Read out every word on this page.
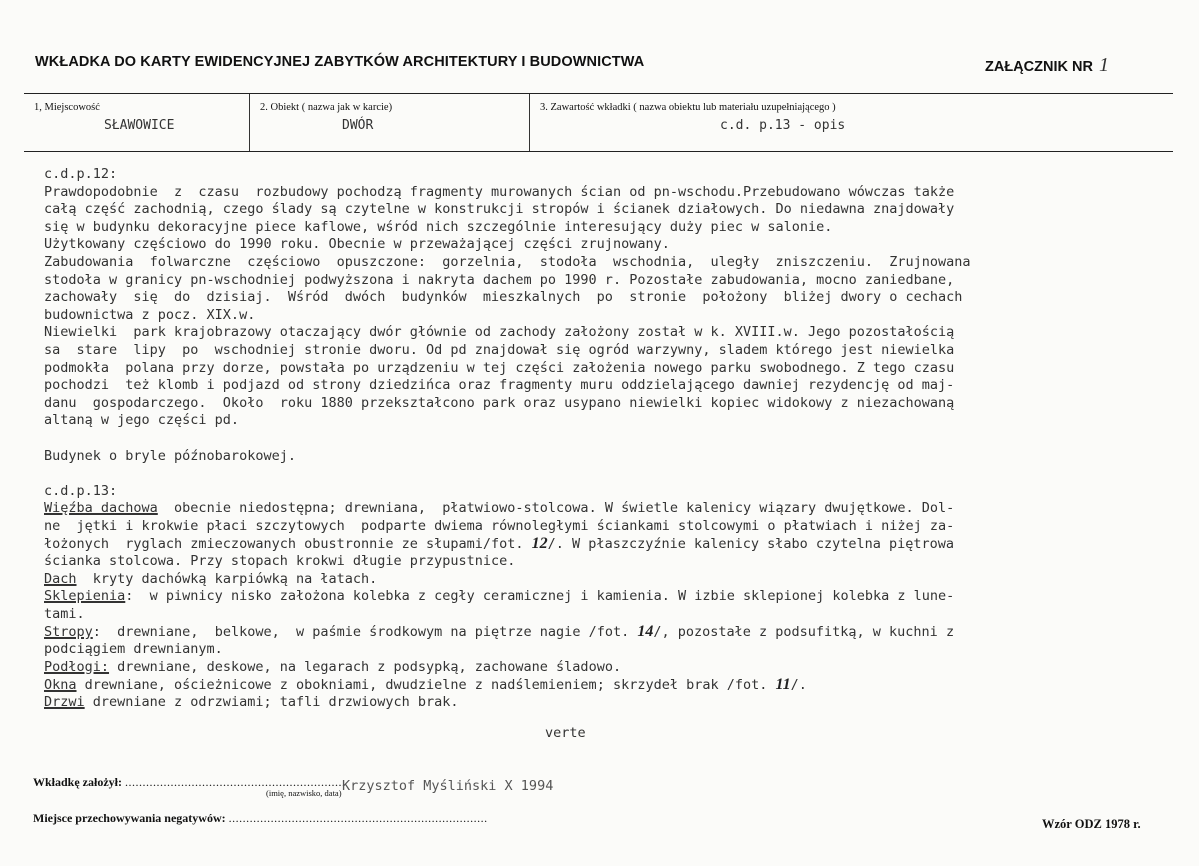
WKŁADKA DO KARTY EWIDENCYJNEJ ZABYTKÓW ARCHITEKTURY I BUDOWNICTWA	ZAŁĄCZNIK NR 1
1, Miejscowość
SŁAWOWICE
2. Obiekt ( nazwa jak w karcie)
DWÓR
3. Zawartość wkładki ( nazwa obiektu lub materiału uzupełniającego )
c.d. p.13 - opis
c.d.p.12:
Prawdopodobnie  z  czasu  rozbudowy pochodzą fragmenty murowanych ścian od pn-wschodu.Przebudowano wówczas także
całą część zachodnią, czego ślady są czytelne w konstrukcji stropów i ścianek działowych. Do niedawna znajdowały
się w budynku dekoracyjne piece kaflowe, wśród nich szczególnie interesujący duży piec w salonie.
Użytkowany częściowo do 1990 roku. Obecnie w przeważającej części zrujnowany.
Zabudowania  folwarczne  częściowo  opuszczone:  gorzelnia,  stodoła  wschodnia,  uległy  zniszczeniu.  Zrujnowana
stodoła w granicy pn-wschodniej podwyższona i nakryta dachem po 1990 r. Pozostałe zabudowania, mocno zaniedbane,
zachowały  się  do  dzisiaj.  Wśród  dwóch  budynków  mieszkalnych  po  stronie  położony  bliżej dwory o cechach
budownictwa z pocz. XIX.w.
Niewielki  park krajobrazowy otaczający dwór głównie od zachody założony został w k. XVIII.w. Jego pozostałością
sa  stare  lipy  po  wschodniej stronie dworu. Od pd znajdował się ogród warzywny, sladem którego jest niewielka
podmokła  polana przy dorze, powstała po urządzeniu w tej części założenia nowego parku swobodnego. Z tego czasu
pochodzi  też klomb i podjazd od strony dziedzińca oraz fragmenty muru oddzielającego dawniej rezydencję od maj-
danu  gospodarczego.  Około  roku 1880 przekształcono park oraz usypano niewielki kopiec widokowy z niezachowaną
altaną w jego części pd.
Budynek o bryle późnobarokowej.
c.d.p.13:
Więźba dachowa  obecnie niedostępna; drewniana,  płatwiowo-stolcowa. W świetle kalenicy wiązary dwujętkowe. Dol-
ne  jętki i krokwie płaci szczytowych  podparte dwiema równoległymi ściankami stolcowymi o płatwiach i niżej za-
łożonych  ryglach zmieczowanych obustronnie ze słupami/fot. 12/. W płaszczyźnie kalenicy słabo czytelna piętrowa
ścianka stolcowa. Przy stopach krokwi długie przypustnice.
Dach  kryty dachówką karpiówką na łatach.
Sklepienia:  w piwnicy nisko założona kolebka z cegły ceramicznej i kamienia. W izbie sklepionej kolebka z lune-
tami.
Stropy:  drewniane,  belkowe,  w paśmie środkowym na piętrze nagie /fot. 14/, pozostałe z podsufitką, w kuchni z
podciągiem drewnianym.
Podłogi: drewniane, deskowe, na legarach z podsypką, zachowane śladowo.
Okna drewniane, ościeżnicowe z obokniami, dwudzielne z nadślemieniem; skrzydeł brak /fot. 11/.
Drzwi drewniane z odrzwiami; tafli drzwiowych brak.
verte
Wkładkę założył: ...............................................................
(imię, nazwisko, data) Krzysztof Myśliński X 1994
Miejsce przechowywania negatywów: ..........................................................................	Wzór ODZ 1978 r.
